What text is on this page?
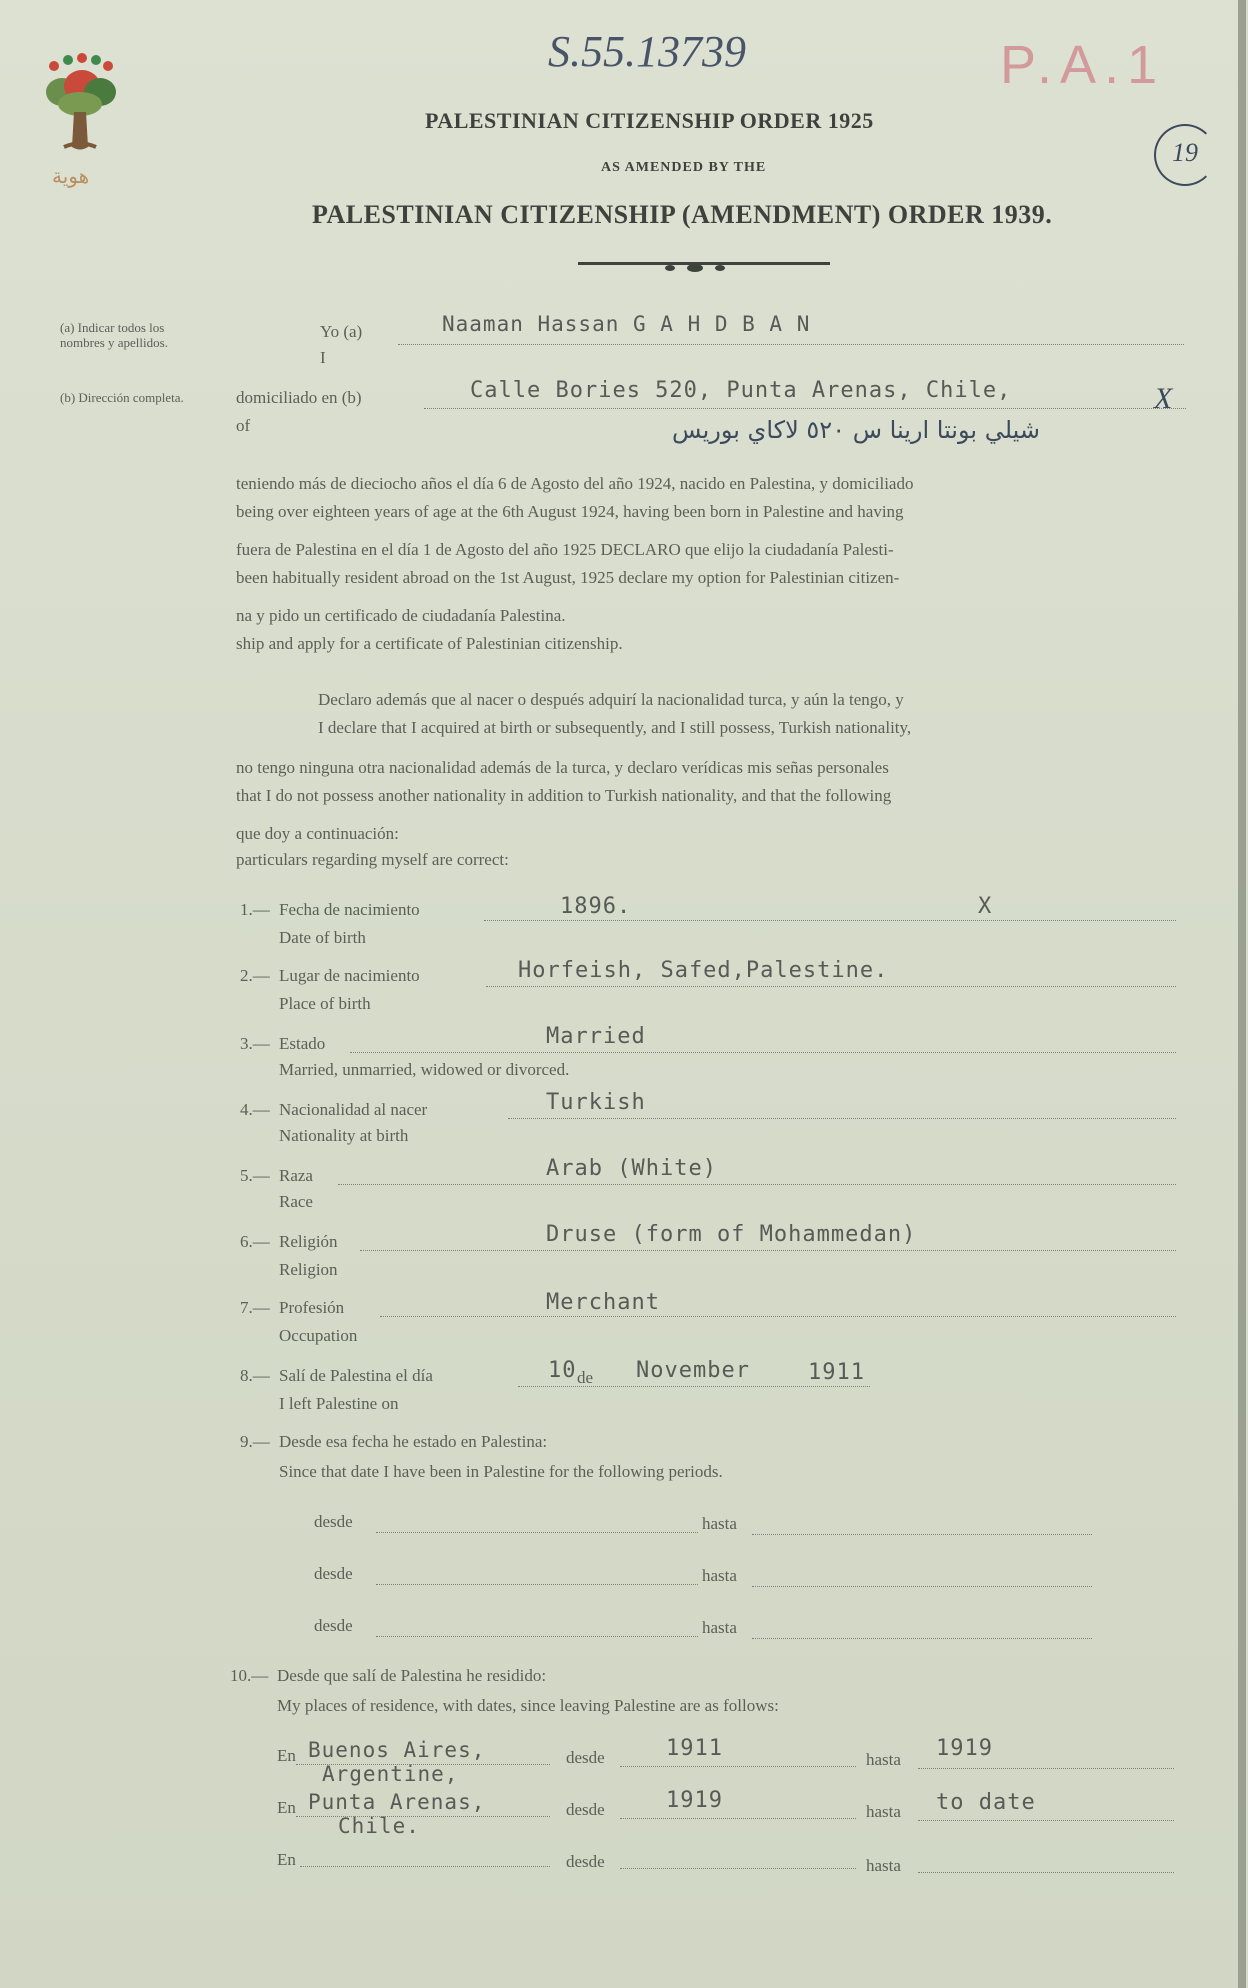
هوية
S.55.13739	P.A.1
19
PALESTINIAN CITIZENSHIP ORDER 1925
AS AMENDED BY THE
PALESTINIAN CITIZENSHIP (AMENDMENT) ORDER 1939.
(a) Indicar todos los nombres y apellidos.
(b) Dirección completa.
Yo (a)
I
Naaman Hassan G A H D B A N
domiciliado en (b)
of
Calle Bories 520, Punta Arenas, Chile,
شيلي بونتا ارينا س ٥٢٠ لاكاي بوريس
X
teniendo más de dieciocho años el día 6 de Agosto del año 1924, nacido en Palestina, y domiciliado
being over eighteen years of age at the 6th August 1924, having been born in Palestine and having
fuera de Palestina en el día 1 de Agosto del año 1925 DECLARO que elijo la ciudadanía Palesti-
been habitually resident abroad on the 1st August, 1925 declare my option for Palestinian citizen-
na y pido un certificado de ciudadanía Palestina.
ship and apply for a certificate of Palestinian citizenship.
Declaro además que al nacer o después adquirí la nacionalidad turca, y aún la tengo, y
I declare that I acquired at birth or subsequently, and I still possess, Turkish nationality,
no tengo ninguna otra nacionalidad además de la turca, y declaro verídicas mis señas personales
that I do not possess another nationality in addition to Turkish nationality, and that the following
que doy a continuación:
particulars regarding myself are correct:
1.— Fecha de nacimiento
Date of birth
1896.	X
2.— Lugar de nacimiento
Place of birth
Horfeish, Safed,Palestine.
3.— Estado
Married, unmarried, widowed or divorced.
Married
4.— Nacionalidad al nacer
Nationality at birth
Turkish
5.— Raza
Race
Arab (White)
6.— Religión
Religion
Druse (form of Mohammedan)
7.— Profesión
Occupation
Merchant
8.— Salí de Palestina el día
I left Palestine on
10 de November	1911
9.— Desde esa fecha he estado en Palestina:
Since that date I have been in Palestine for the following periods.
desde	hasta
desde	hasta
desde	hasta
10.— Desde que salí de Palestina he residido:
My places of residence, with dates, since leaving Palestine are as follows:
En Buenos Aires,
Argentine,
desde	1911	hasta 1919
En Punta Arenas,
Chile.
desde	1919	hasta to date
En	desde	hasta
